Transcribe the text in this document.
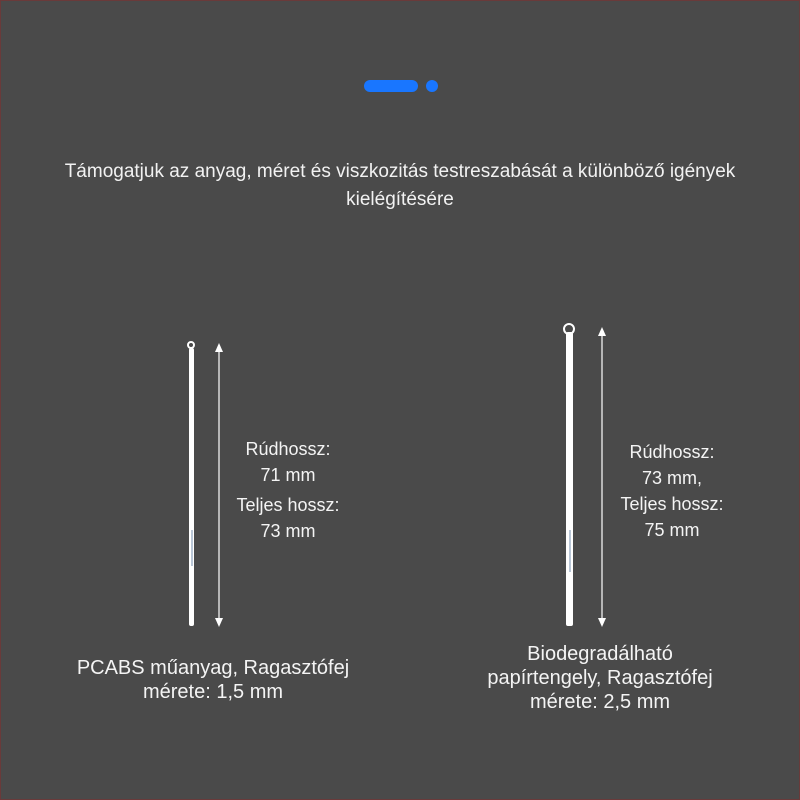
Támogatjuk az anyag, méret és viszkozitás testreszabását a különböző igények kielégítésére
Rúdhossz:
71 mm
Teljes hossz:
73 mm
PCABS műanyag, Ragasztófej
mérete: 1,5 mm
Rúdhossz:
73 mm,
Teljes hossz:
75 mm
Biodegradálható
papírtengely, Ragasztófej
mérete: 2,5 mm
